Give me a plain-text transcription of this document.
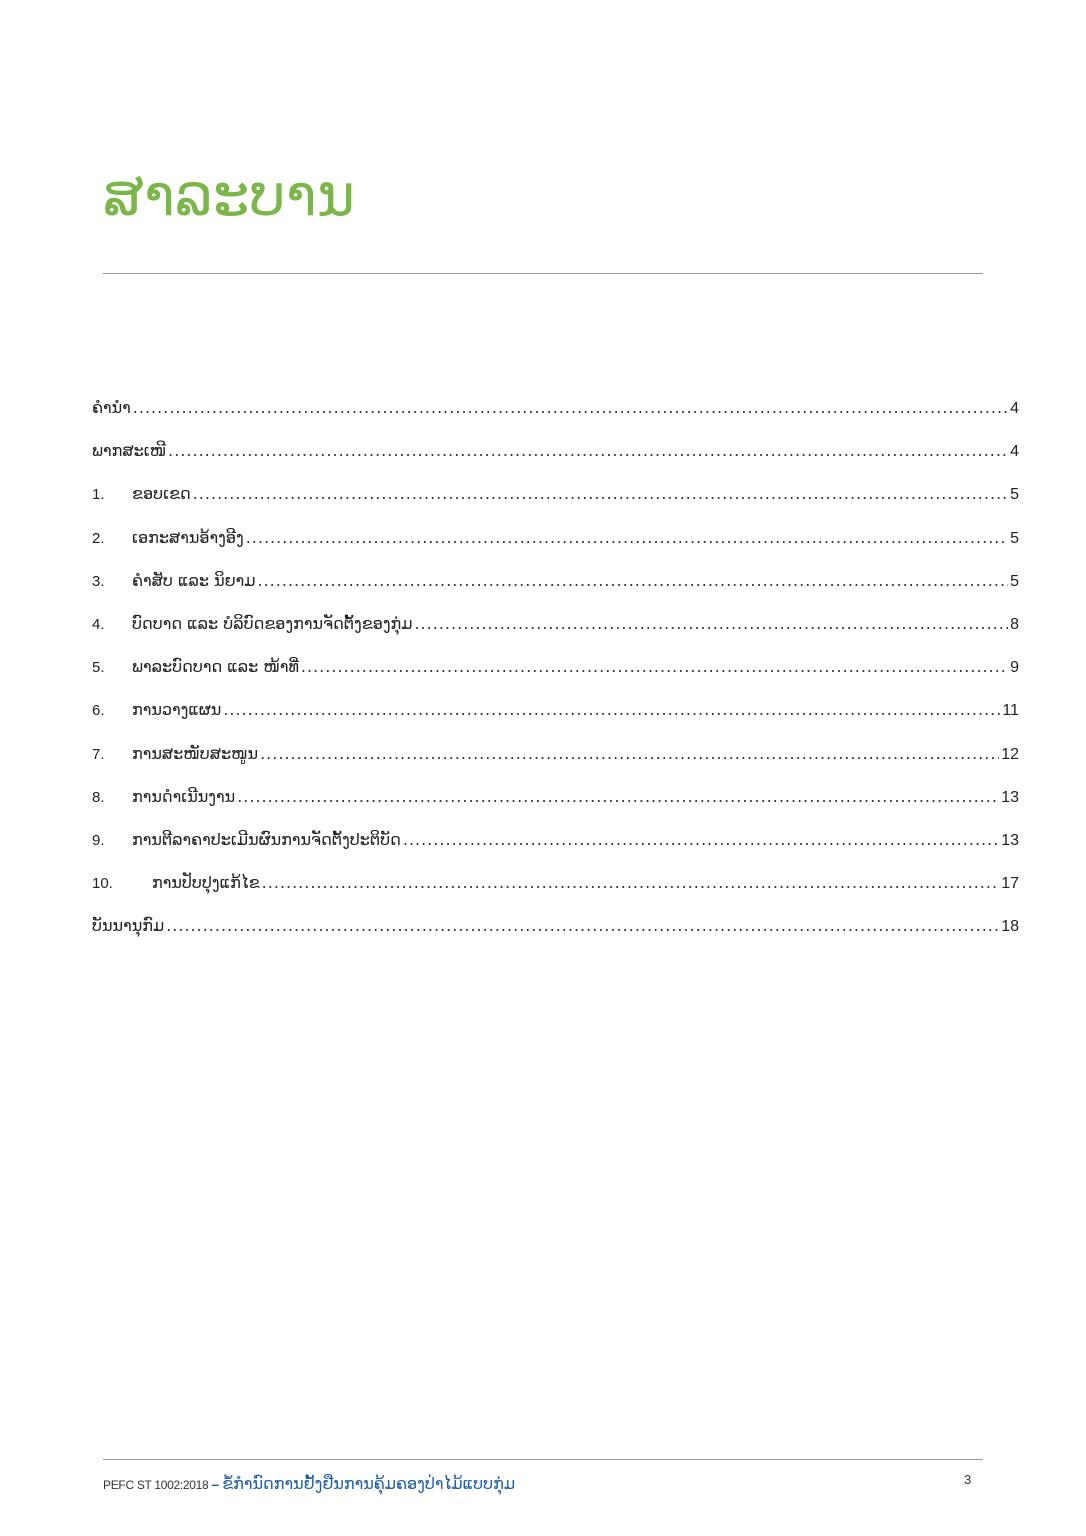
ສາລະບານ
ຄຳນຳ .....	4
ພາກສະເໜີ .....	4
1.	ຂອບເຂດ .....	5
2.	ເອກະສານອ້າງອີງ .....	5
3.	ຄຳສັບ ແລະ ນິຍາມ .....	5
4.	ບົດບາດ ແລະ ບໍລິບົດຂອງການຈັດຕັ້ງຂອງກຸ່ມ .....	8
5.	ພາລະບົດບາດ ແລະ ໜ້າທີ່ .....	9
6.	ການວາງແຜນ .....	11
7.	ການສະໜັບສະໜູນ .....	12
8.	ການດຳເນີນງານ .....	13
9.	ການຕີລາຄາປະເມີນຜົນການຈັດຕັ້ງປະຕິບັດ .....	13
10.	ການປັບປຸງແກ້ໄຂ .....	17
ບັນນານຸກົມ .....	18
PEFC ST 1002:2018 – ຂໍ້ກຳນົດການຢັ້ງຢືນການຄຸ້ມຄອງປ່າໄມ້ແບບກຸ່ມ	3
